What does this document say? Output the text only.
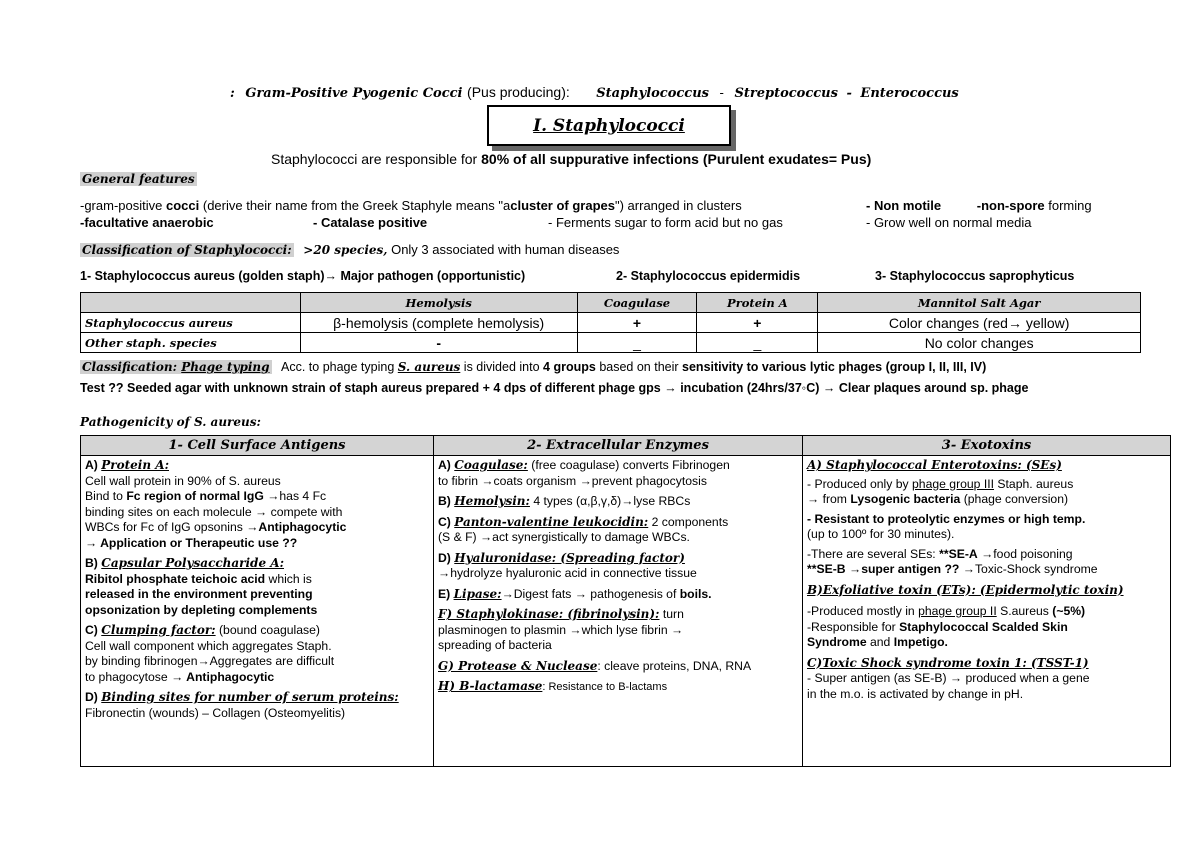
: Gram-Positive Pyogenic Cocci (Pus producing): Staphylococcus - Streptococcus - Enterococcus
I. Staphylococci
Staphylococci are responsible for 80% of all suppurative infections (Purulent exudates= Pus)
General features
-gram-positive cocci (derive their name from the Greek Staphyle means "acluster of grapes") arranged in clusters	- Non motile	-non-spore forming
-facultative anaerobic	- Catalase positive	- Ferments sugar to form acid but no gas	- Grow well on normal media
Classification of Staphylococci: >20 species, Only 3 associated with human diseases
1- Staphylococcus aureus (golden staph)→ Major pathogen (opportunistic)	2- Staphylococcus epidermidis	3- Staphylococcus saprophyticus
	Hemolysis	Coagulase	Protein A	Mannitol Salt Agar
Staphylococcus aureus	β-hemolysis (complete hemolysis)	+	+	Color changes (red→ yellow)
Other staph. species	-	_	_	No color changes
Classification: Phage typing Acc. to phage typing S. aureus is divided into 4 groups based on their sensitivity to various lytic phages (group I, II, III, IV)
Test ?? Seeded agar with unknown strain of staph aureus prepared + 4 dps of different phage gps → incubation (24hrs/37◦C) → Clear plaques around sp. phage
Pathogenicity of S. aureus:
1- Cell Surface Antigens
A) Protein A:
Cell wall protein in 90% of S. aureus
Bind to Fc region of normal IgG →has 4 Fc
binding sites on each molecule → compete with
WBCs for Fc of IgG opsonins →Antiphagocytic
→ Application or Therapeutic use ??
B) Capsular Polysaccharide A:
Ribitol phosphate teichoic acid which is
released in the environment preventing
opsonization by depleting complements
C) Clumping factor: (bound coagulase)
Cell wall component which aggregates Staph.
by binding fibrinogen→Aggregates are difficult
to phagocytose → Antiphagocytic
D) Binding sites for number of serum proteins:
Fibronectin (wounds) – Collagen (Osteomyelitis)
2- Extracellular Enzymes
A) Coagulase: (free coagulase) converts Fibrinogen
to fibrin →coats organism →prevent phagocytosis
B) Hemolysin: 4 types (α,β,γ,δ)→lyse RBCs
C) Panton-valentine leukocidin: 2 components
(S & F) →act synergistically to damage WBCs.
D) Hyaluronidase: (Spreading factor)
→hydrolyze hyaluronic acid in connective tissue
E) Lipase:→Digest fats → pathogenesis of boils.
F) Staphylokinase: (fibrinolysin): turn
plasminogen to plasmin →which lyse fibrin →
spreading of bacteria
G) Protease & Nuclease: cleave proteins, DNA, RNA
H) B-lactamase: Resistance to B-lactams
3- Exotoxins
A) Staphylococcal Enterotoxins: (SEs)
- Produced only by phage group III Staph. aureus
→ from Lysogenic bacteria (phage conversion)
- Resistant to proteolytic enzymes or high temp.
(up to 100º for 30 minutes).
-There are several SEs: **SE-A →food poisoning
**SE-B →super antigen ?? →Toxic-Shock syndrome
B)Exfoliative toxin (ETs): (Epidermolytic toxin)
-Produced mostly in phage group II S.aureus (~5%)
-Responsible for Staphylococcal Scalded Skin
Syndrome and Impetigo.
C)Toxic Shock syndrome toxin 1: (TSST-1)
- Super antigen (as SE-B) → produced when a gene
in the m.o. is activated by change in pH.
